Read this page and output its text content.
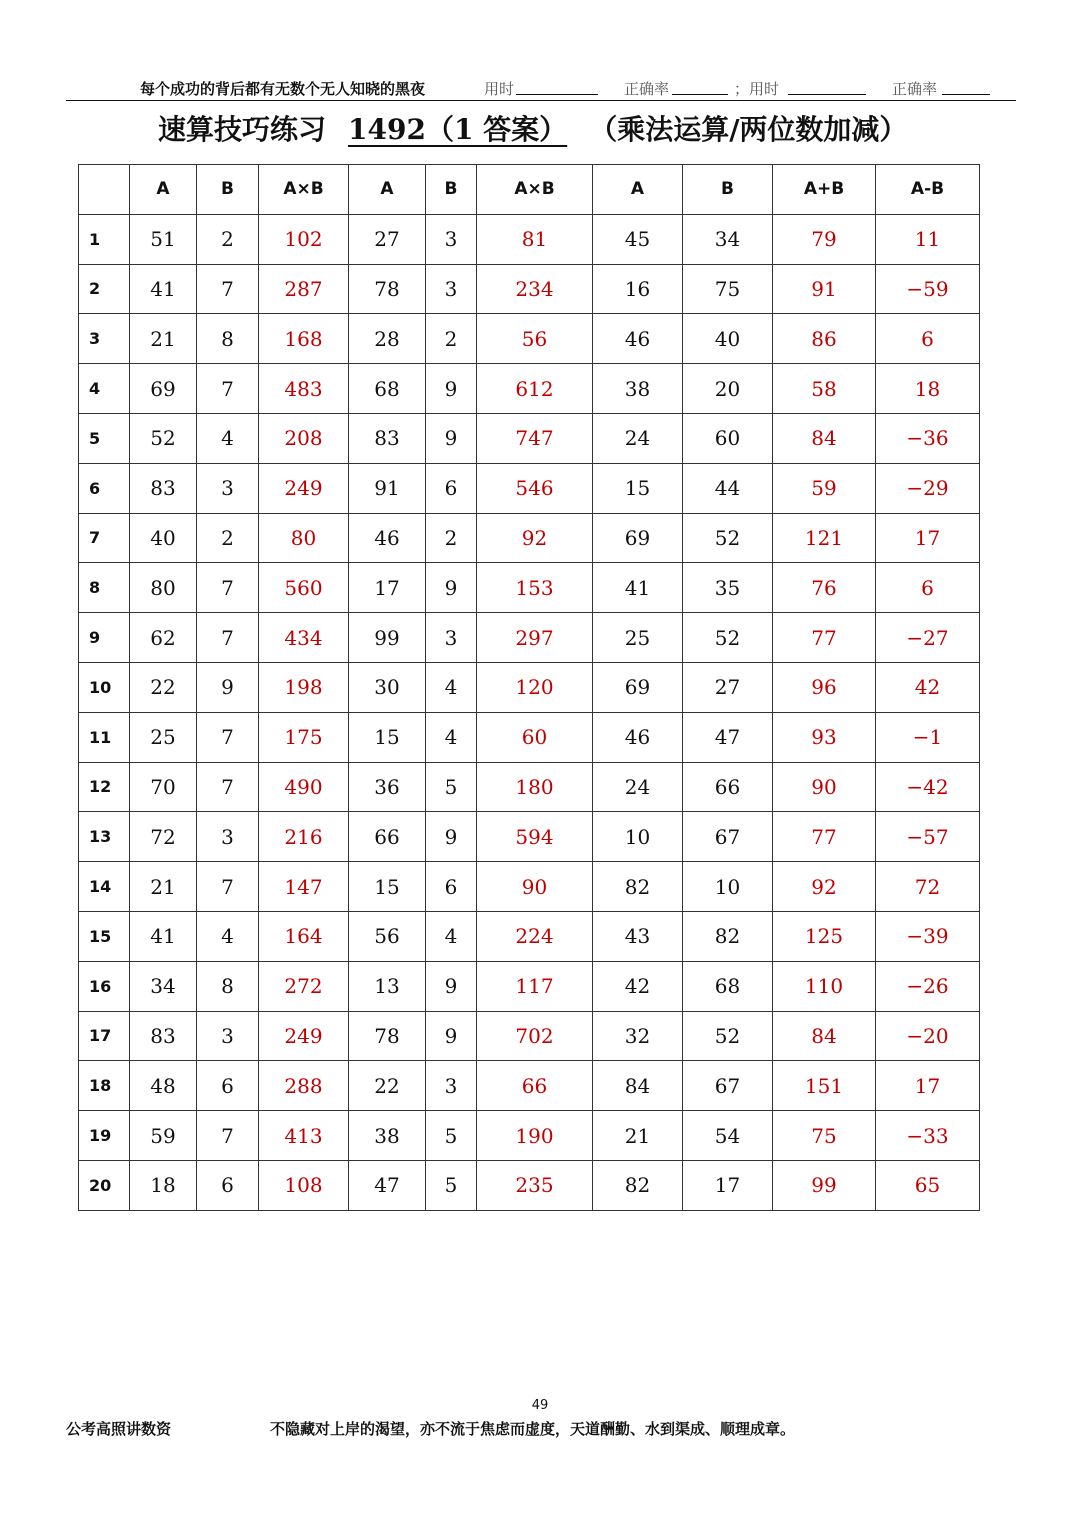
每个成功的背后都有无数个无人知晓的黑夜	用时	正确率	；用时	正确率
速算技巧练习 1492（1 答案） （乘法运算/两位数加减）
	A	B	A×B	A	B	A×B	A	B	A+B	A-B
1	51	2	102	27	3	81	45	34	79	11
2	41	7	287	78	3	234	16	75	91	−59
3	21	8	168	28	2	56	46	40	86	6
4	69	7	483	68	9	612	38	20	58	18
5	52	4	208	83	9	747	24	60	84	−36
6	83	3	249	91	6	546	15	44	59	−29
7	40	2	80	46	2	92	69	52	121	17
8	80	7	560	17	9	153	41	35	76	6
9	62	7	434	99	3	297	25	52	77	−27
10	22	9	198	30	4	120	69	27	96	42
11	25	7	175	15	4	60	46	47	93	−1
12	70	7	490	36	5	180	24	66	90	−42
13	72	3	216	66	9	594	10	67	77	−57
14	21	7	147	15	6	90	82	10	92	72
15	41	4	164	56	4	224	43	82	125	−39
16	34	8	272	13	9	117	42	68	110	−26
17	83	3	249	78	9	702	32	52	84	−20
18	48	6	288	22	3	66	84	67	151	17
19	59	7	413	38	5	190	21	54	75	−33
20	18	6	108	47	5	235	82	17	99	65
49
公考高照讲数资	不隐藏对上岸的渴望，亦不流于焦虑而虚度，天道酬勤、水到渠成、顺理成章。
